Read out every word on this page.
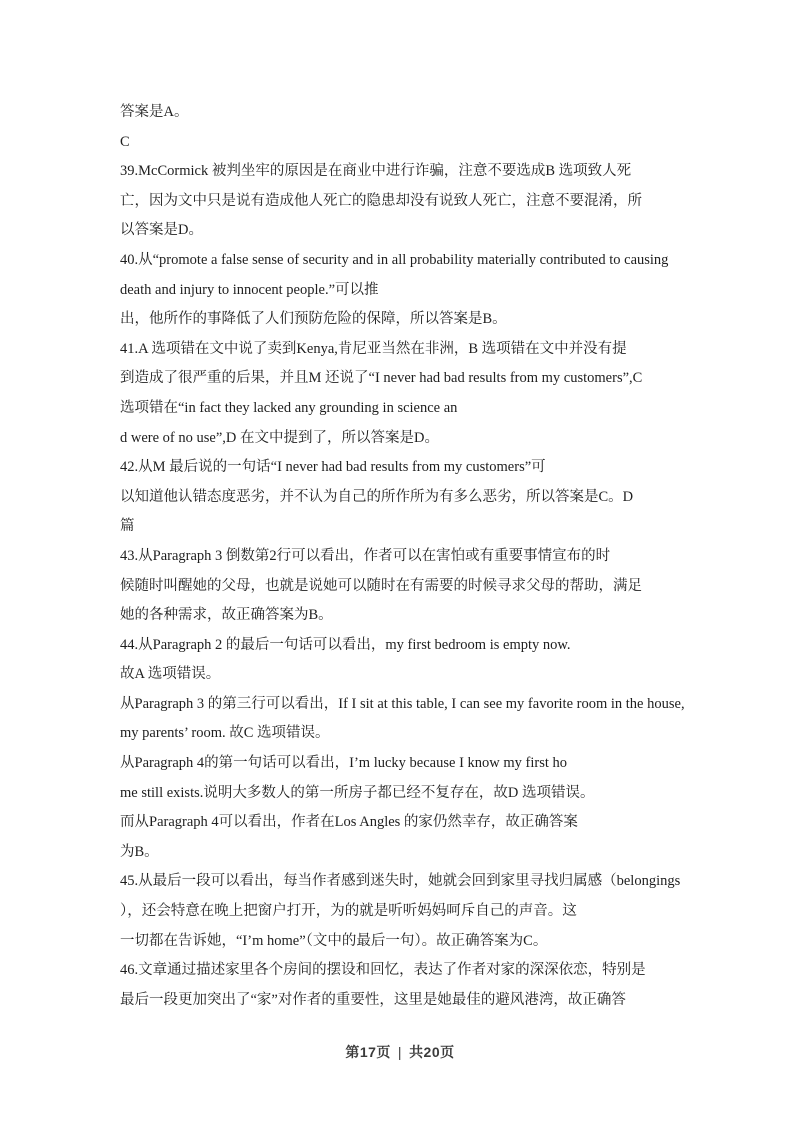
答案是A。
C
39.McCormick 被判坐牢的原因是在商业中进行诈骗，注意不要选成B 选项致人死
亡，因为文中只是说有造成他人死亡的隐患却没有说致人死亡，注意不要混淆，所
以答案是D。
40.从“promote a false sense of security and in all probability materially contributed to causing
death and injury to innocent people.”可以推
出，他所作的事降低了人们预防危险的保障，所以答案是B。
41.A 选项错在文中说了卖到Kenya,肯尼亚当然在非洲，B 选项错在文中并没有提
到造成了很严重的后果，并且M 还说了“I never had bad results from my customers”,C
选项错在“in fact they lacked any grounding in science an
d were of no use”,D 在文中提到了，所以答案是D。
42.从M 最后说的一句话“I never had bad results from my customers”可
以知道他认错态度恶劣，并不认为自己的所作所为有多么恶劣，所以答案是C。D
篇
43.从Paragraph 3 倒数第2行可以看出，作者可以在害怕或有重要事情宣布的时
候随时叫醒她的父母，也就是说她可以随时在有需要的时候寻求父母的帮助，满足
她的各种需求，故正确答案为B。
44.从Paragraph 2 的最后一句话可以看出，my first bedroom is empty now.
故A 选项错误。
从Paragraph 3 的第三行可以看出，If I sit at this table, I can see my favorite room in the house,
my parents’ room. 故C 选项错误。
从Paragraph 4的第一句话可以看出，I’m lucky because I know my first ho
me still exists.说明大多数人的第一所房子都已经不复存在，故D 选项错误。
而从Paragraph 4可以看出，作者在Los Angles 的家仍然幸存，故正确答案
为B。
45.从最后一段可以看出，每当作者感到迷失时，她就会回到家里寻找归属感（belongings
），还会特意在晚上把窗户打开，为的就是听听妈妈呵斥自己的声音。这
一切都在告诉她，“I’m home”（文中的最后一句）。故正确答案为C。
46.文章通过描述家里各个房间的摆设和回忆，表达了作者对家的深深依恋，特别是
最后一段更加突出了“家”对作者的重要性，这里是她最佳的避风港湾，故正确答
第17页 | 共20页
